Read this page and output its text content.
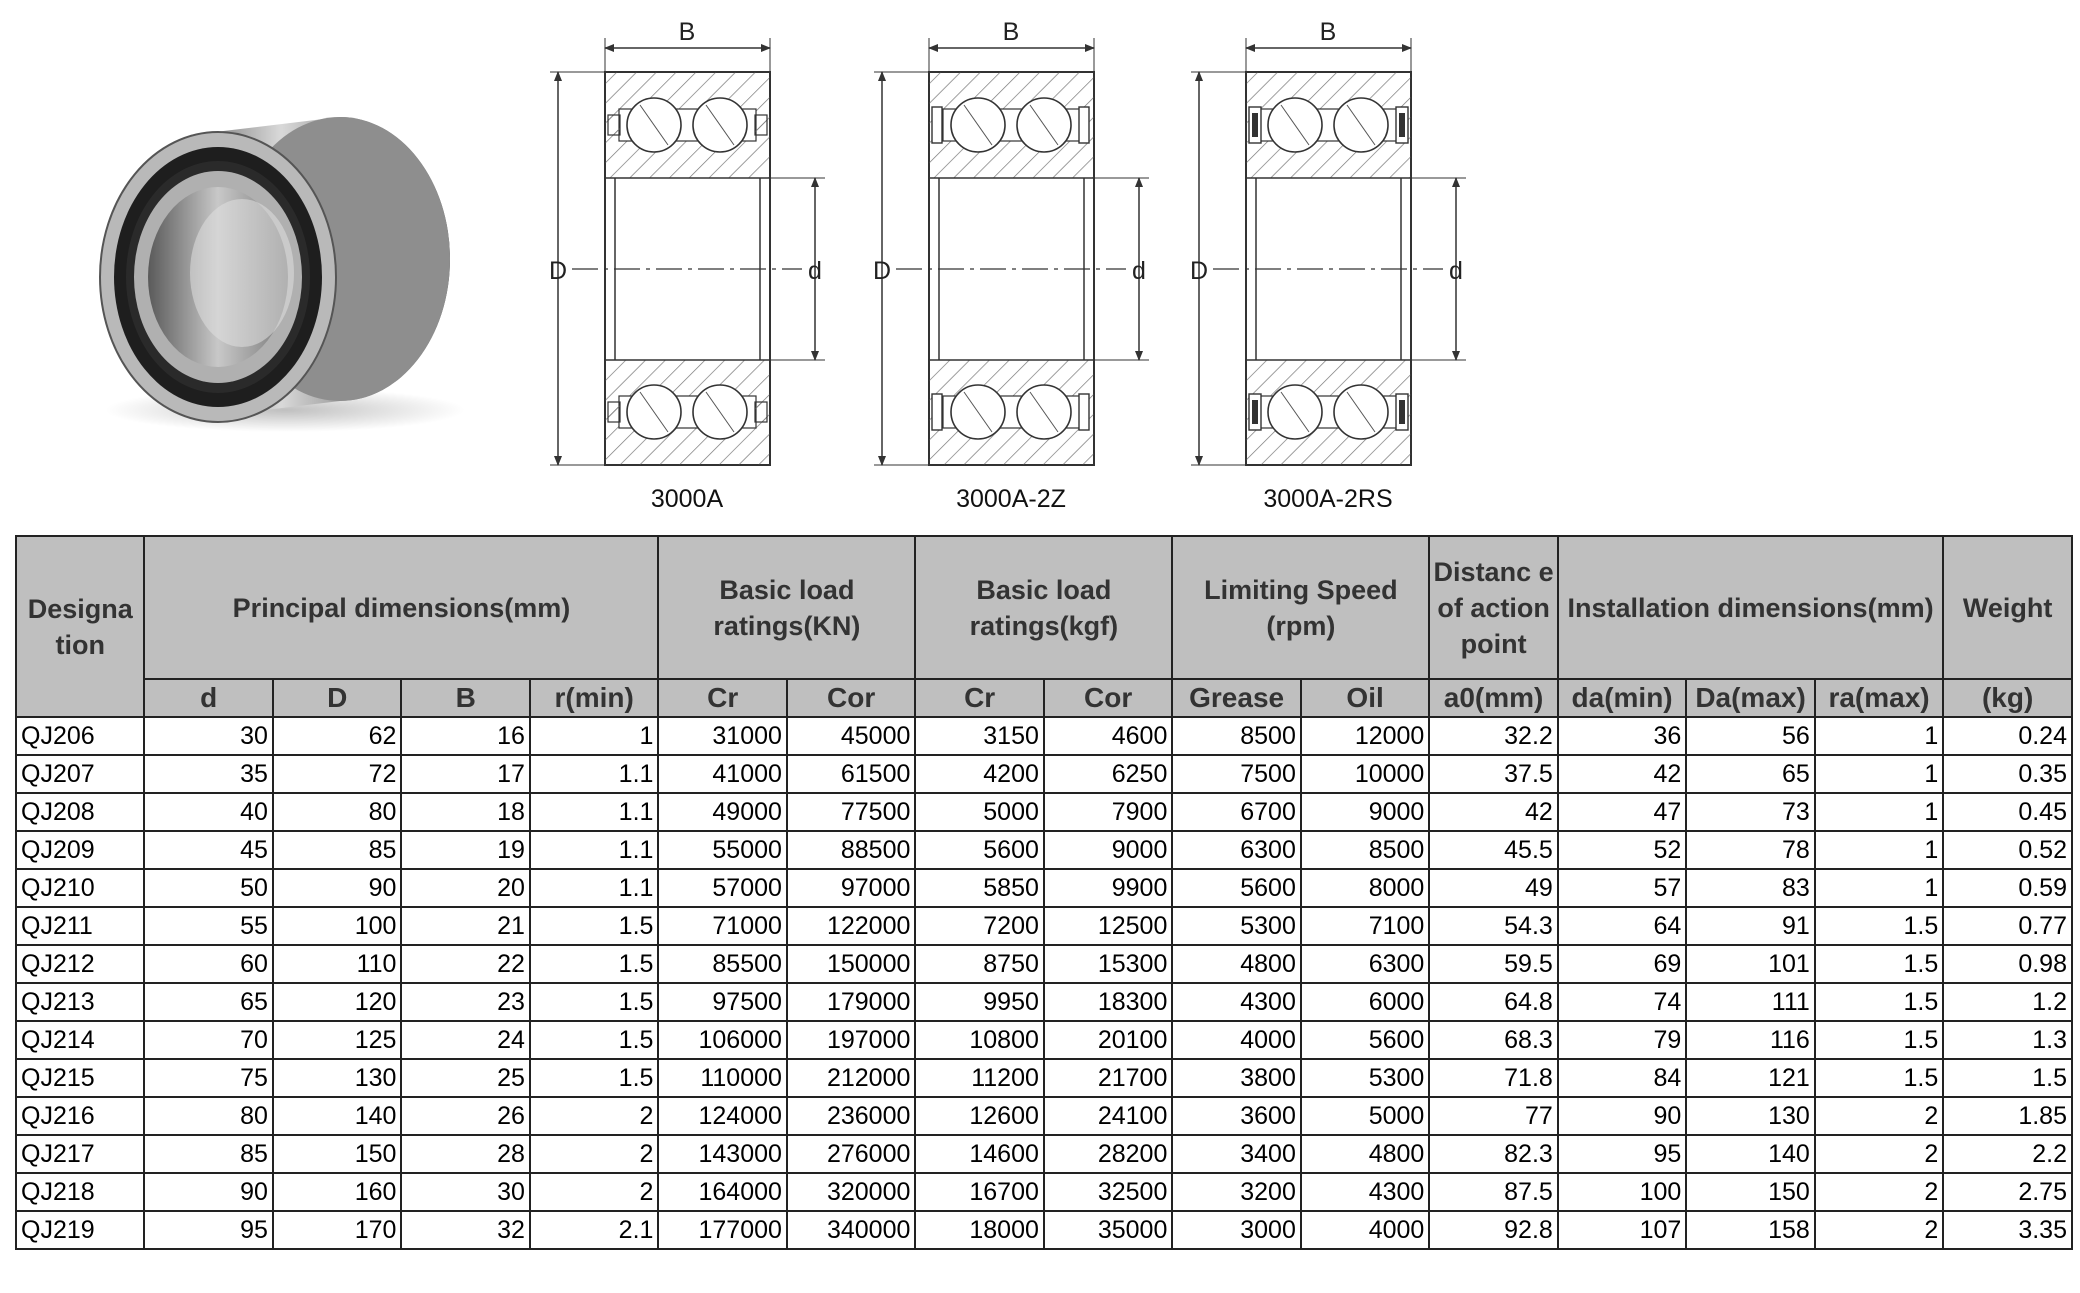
B
D	d
3000A
B
D	d
3000A-2Z
B
D	d
3000A-2RS
Designa tion	Principal dimensions(mm)				Basic load ratings(KN)		Basic load ratings(kgf)		Limiting Speed (rpm)		Distanc e of action point	Installation dimensions(mm)			Weight
	d	D	B	r(min)	Cr	Cor	Cr	Cor	Grease	Oil	a0(mm)	da(min)	Da(max)	ra(max)	(kg)
QJ206	30	62	16	1	31000	45000	3150	4600	8500	12000	32.2	36	56	1	0.24
QJ207	35	72	17	1.1	41000	61500	4200	6250	7500	10000	37.5	42	65	1	0.35
QJ208	40	80	18	1.1	49000	77500	5000	7900	6700	9000	42	47	73	1	0.45
QJ209	45	85	19	1.1	55000	88500	5600	9000	6300	8500	45.5	52	78	1	0.52
QJ210	50	90	20	1.1	57000	97000	5850	9900	5600	8000	49	57	83	1	0.59
QJ211	55	100	21	1.5	71000	122000	7200	12500	5300	7100	54.3	64	91	1.5	0.77
QJ212	60	110	22	1.5	85500	150000	8750	15300	4800	6300	59.5	69	101	1.5	0.98
QJ213	65	120	23	1.5	97500	179000	9950	18300	4300	6000	64.8	74	111	1.5	1.2
QJ214	70	125	24	1.5	106000	197000	10800	20100	4000	5600	68.3	79	116	1.5	1.3
QJ215	75	130	25	1.5	110000	212000	11200	21700	3800	5300	71.8	84	121	1.5	1.5
QJ216	80	140	26	2	124000	236000	12600	24100	3600	5000	77	90	130	2	1.85
QJ217	85	150	28	2	143000	276000	14600	28200	3400	4800	82.3	95	140	2	2.2
QJ218	90	160	30	2	164000	320000	16700	32500	3200	4300	87.5	100	150	2	2.75
QJ219	95	170	32	2.1	177000	340000	18000	35000	3000	4000	92.8	107	158	2	3.35
